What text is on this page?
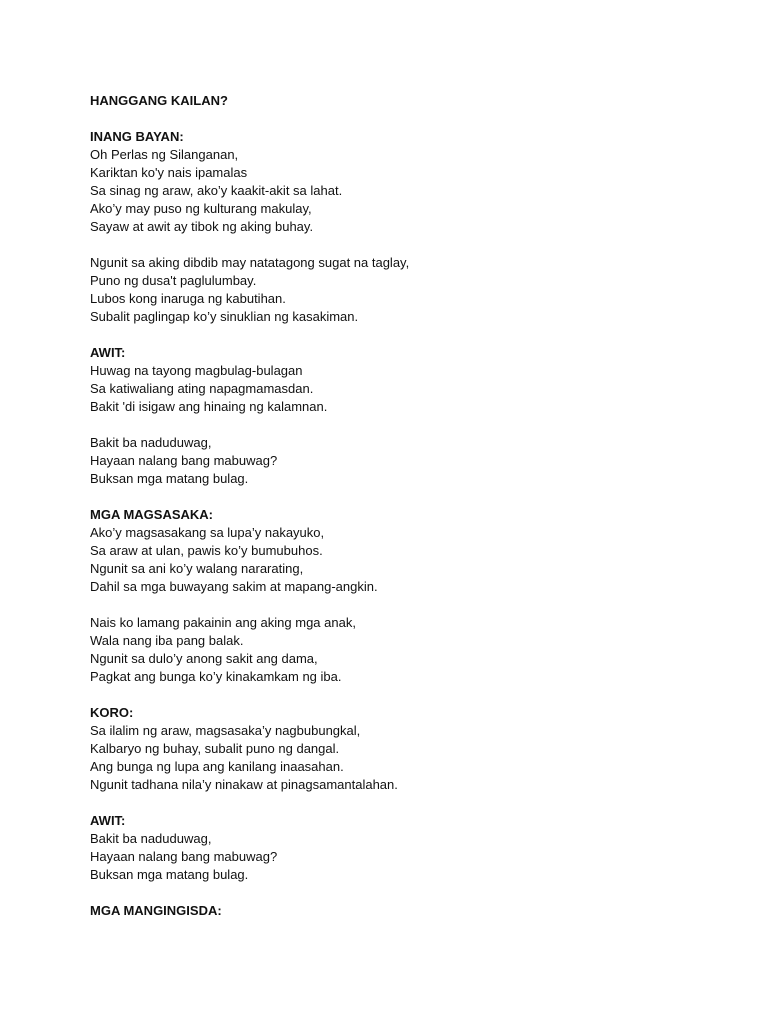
HANGGANG KAILAN?
INANG BAYAN:
Oh Perlas ng Silanganan,
Kariktan ko'y nais ipamalas
Sa sinag ng araw, ako’y kaakit-akit sa lahat.
Ako’y may puso ng kulturang makulay,
Sayaw at awit ay tibok ng aking buhay.
Ngunit sa aking dibdib may natatagong sugat na taglay,
Puno ng dusa't paglulumbay.
Lubos kong inaruga ng kabutihan.
Subalit paglingap ko’y sinuklian ng kasakiman.
AWIT:
Huwag na tayong magbulag-bulagan
Sa katiwaliang ating napagmamasdan.
Bakit 'di isigaw ang hinaing ng kalamnan.
Bakit ba naduduwag,
Hayaan nalang bang mabuwag?
Buksan mga matang bulag.
MGA MAGSASAKA:
Ako’y magsasakang sa lupa’y nakayuko,
Sa araw at ulan, pawis ko’y bumubuhos.
Ngunit sa ani ko’y walang nararating,
Dahil sa mga buwayang sakim at mapang-angkin.
Nais ko lamang pakainin ang aking mga anak,
Wala nang iba pang balak.
Ngunit sa dulo’y anong sakit ang dama,
Pagkat ang bunga ko’y kinakamkam ng iba.
KORO:
Sa ilalim ng araw, magsasaka’y nagbubungkal,
Kalbaryo ng buhay, subalit puno ng dangal.
Ang bunga ng lupa ang kanilang inaasahan.
Ngunit tadhana nila’y ninakaw at pinagsamantalahan.
AWIT:
Bakit ba naduduwag,
Hayaan nalang bang mabuwag?
Buksan mga matang bulag.
MGA MANGINGISDA:
